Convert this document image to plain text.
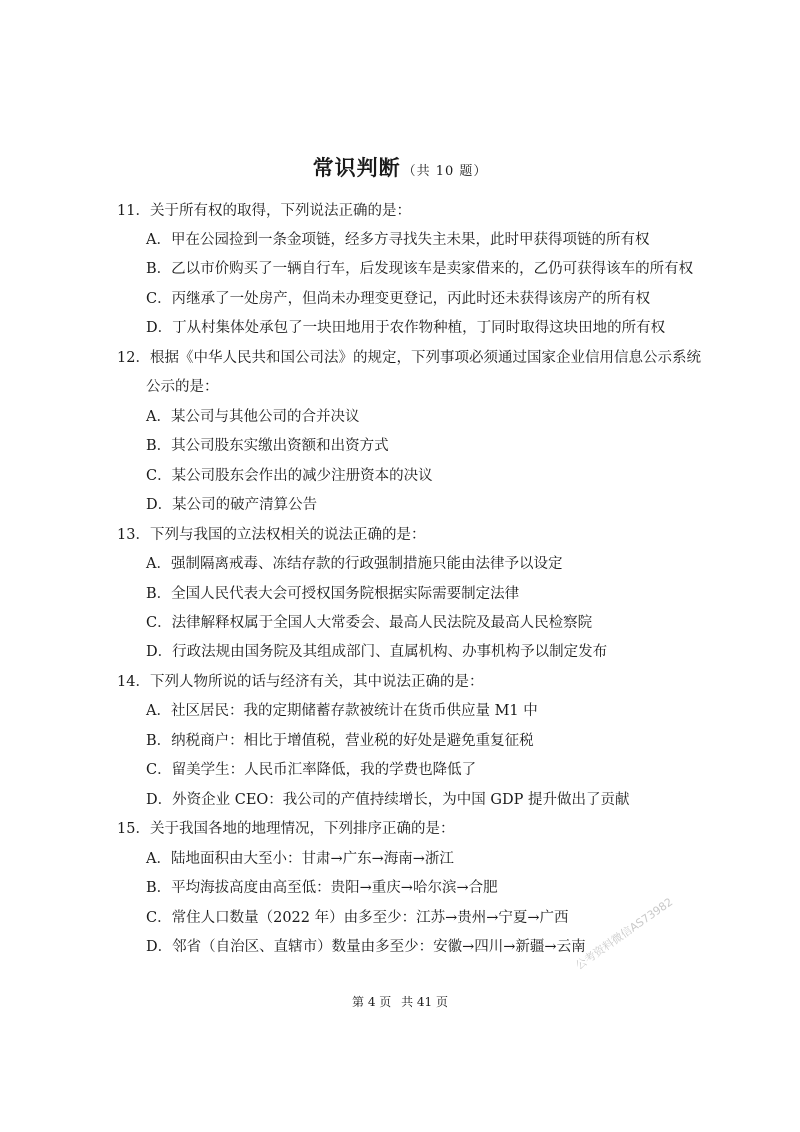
常识判断 （共 10 题）
11．关于所有权的取得，下列说法正确的是：
A．甲在公园捡到一条金项链，经多方寻找失主未果，此时甲获得项链的所有权
B．乙以市价购买了一辆自行车，后发现该车是卖家借来的，乙仍可获得该车的所有权
C．丙继承了一处房产，但尚未办理变更登记，丙此时还未获得该房产的所有权
D．丁从村集体处承包了一块田地用于农作物种植，丁同时取得这块田地的所有权
12．根据《中华人民共和国公司法》的规定，下列事项必须通过国家企业信用信息公示系统
公示的是：
A．某公司与其他公司的合并决议
B．其公司股东实缴出资额和出资方式
C．某公司股东会作出的减少注册资本的决议
D．某公司的破产清算公告
13．下列与我国的立法权相关的说法正确的是：
A．强制隔离戒毒、冻结存款的行政强制措施只能由法律予以设定
B．全国人民代表大会可授权国务院根据实际需要制定法律
C．法律解释权属于全国人大常委会、最高人民法院及最高人民检察院
D．行政法规由国务院及其组成部门、直属机构、办事机构予以制定发布
14．下列人物所说的话与经济有关，其中说法正确的是：
A．社区居民：我的定期储蓄存款被统计在货币供应量 M1 中
B．纳税商户：相比于增值税，营业税的好处是避免重复征税
C．留美学生：人民币汇率降低，我的学费也降低了
D．外资企业 CEO：我公司的产值持续增长，为中国 GDP 提升做出了贡献
15．关于我国各地的地理情况，下列排序正确的是：
A．陆地面积由大至小：甘肃→广东→海南→浙江
B．平均海拔高度由高至低：贵阳→重庆→哈尔滨→合肥
C．常住人口数量（2022 年）由多至少：江苏→贵州→宁夏→广西
D．邻省（自治区、直辖市）数量由多至少：安徽→四川→新疆→云南
公考资料微信AS73982
第 4 页 共 41 页
